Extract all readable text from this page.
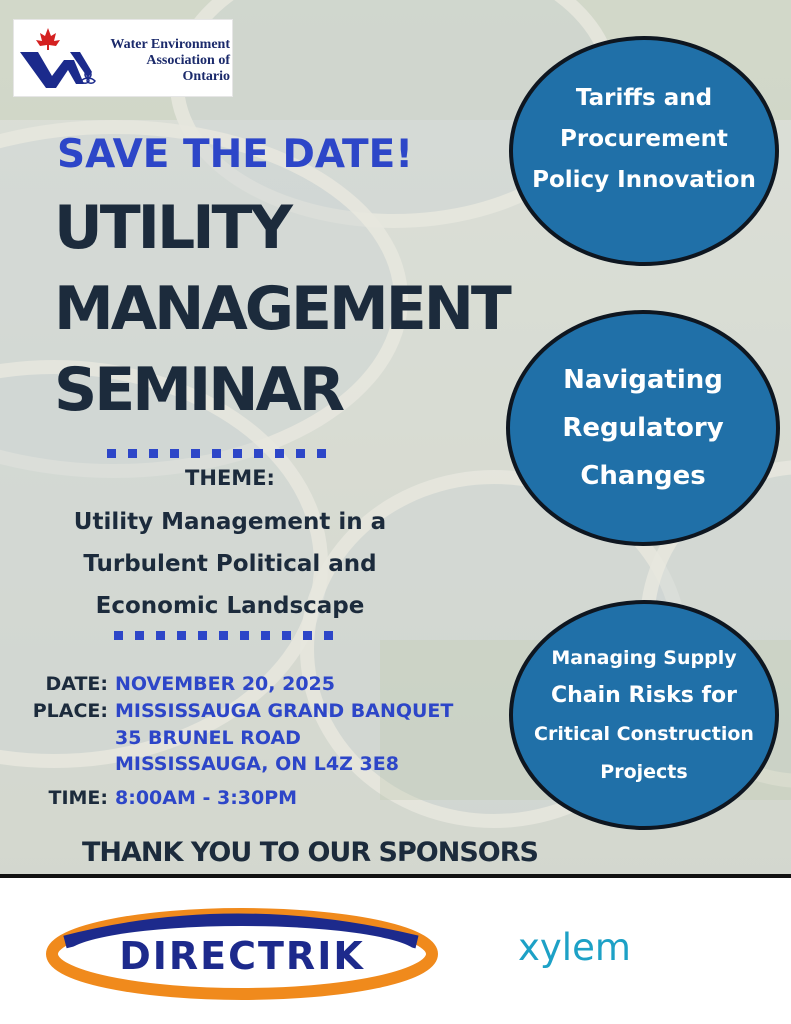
Water Environment
Association of
Ontario
SAVE THE DATE!
UTILITY
MANAGEMENT
SEMINAR
THEME:
Utility Management in a
Turbulent Political and
Economic Landscape
DATE: NOVEMBER 20, 2025
PLACE: MISSISSAUGA GRAND BANQUET
35 BRUNEL ROAD
MISSISSAUGA, ON L4Z 3E8
TIME: 8:00AM - 3:30PM
THANK YOU TO OUR SPONSORS
Tariffs and
Procurement
Policy Innovation
Navigating
Regulatory
Changes
Managing Supply
Chain Risks for
Critical Construction
Projects
DIRECTRIK	xylem
